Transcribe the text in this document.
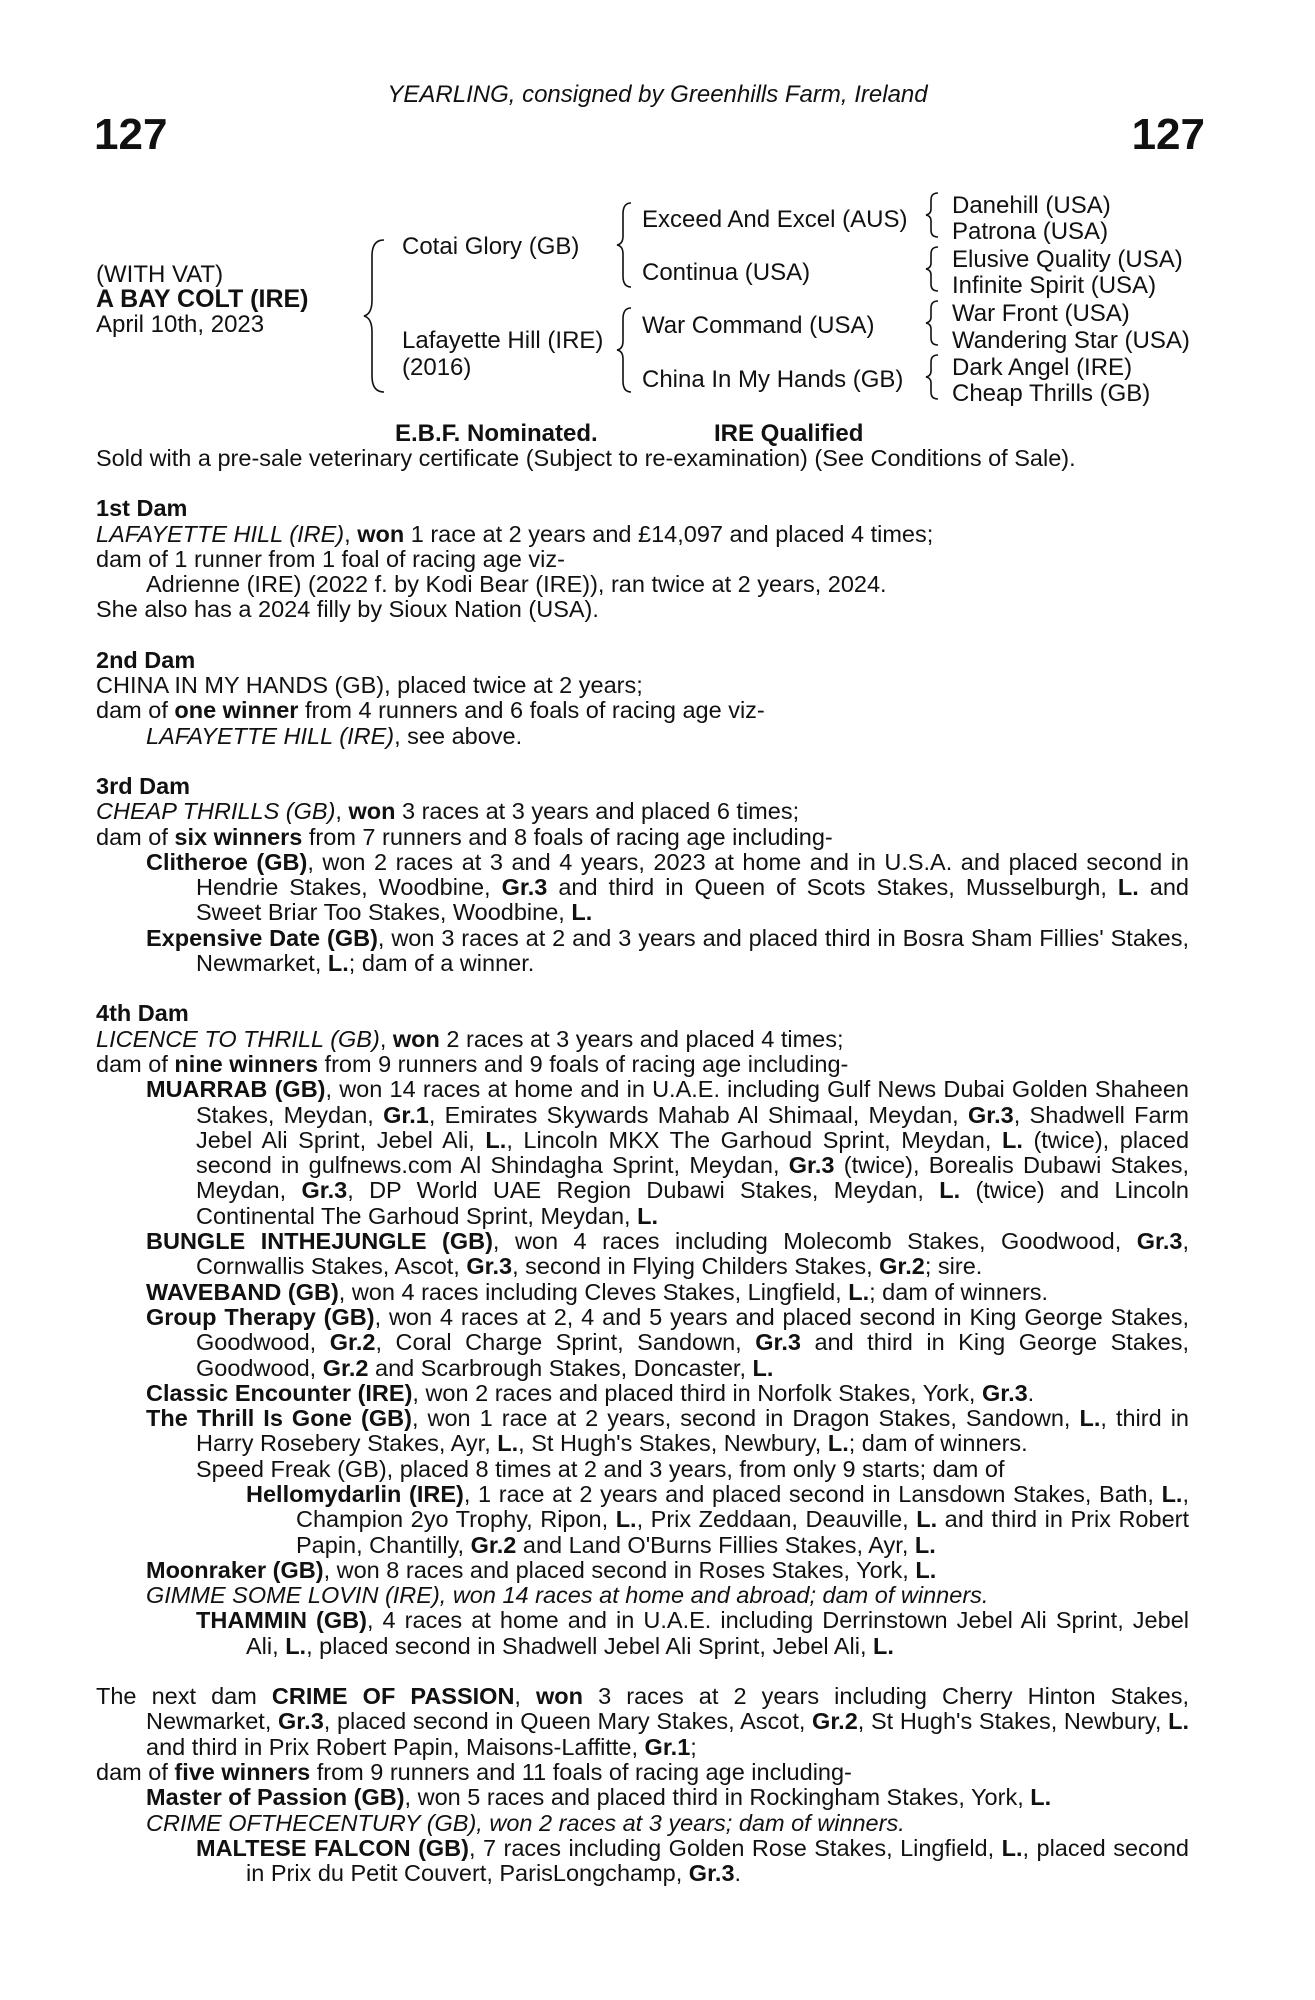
127	127
YEARLING, consigned by Greenhills Farm, Ireland
(WITH VAT)
A BAY COLT (IRE)
April 10th, 2023
Cotai Glory (GB)
Lafayette Hill (IRE)
(2016)
Exceed And Excel (AUS)
Continua (USA)
War Command (USA)
China In My Hands (GB)
Danehill (USA)
Patrona (USA)
Elusive Quality (USA)
Infinite Spirit (USA)
War Front (USA)
Wandering Star (USA)
Dark Angel (IRE)
Cheap Thrills (GB)
E.B.F. Nominated.	IRE Qualified

Sold with a pre-sale veterinary certificate (Subject to re-examination) (See Conditions of Sale).

1st Dam

LAFAYETTE HILL (IRE), won 1 race at 2 years and £14,097 and placed 4 times;

dam of 1 runner from 1 foal of racing age viz-

Adrienne (IRE) (2022 f. by Kodi Bear (IRE)), ran twice at 2 years, 2024.

She also has a 2024 filly by Sioux Nation (USA).

2nd Dam

CHINA IN MY HANDS (GB), placed twice at 2 years;

dam of one winner from 4 runners and 6 foals of racing age viz-

LAFAYETTE HILL (IRE), see above.

3rd Dam

CHEAP THRILLS (GB), won 3 races at 3 years and placed 6 times;

dam of six winners from 7 runners and 8 foals of racing age including-

Clitheroe (GB), won 2 races at 3 and 4 years, 2023 at home and in U.S.A. and placed second in Hendrie Stakes, Woodbine, Gr.3 and third in Queen of Scots Stakes, Musselburgh, L. and Sweet Briar Too Stakes, Woodbine, L.

Expensive Date (GB), won 3 races at 2 and 3 years and placed third in Bosra Sham Fillies' Stakes, Newmarket, L.; dam of a winner.

4th Dam

LICENCE TO THRILL (GB), won 2 races at 3 years and placed 4 times;

dam of nine winners from 9 runners and 9 foals of racing age including-

MUARRAB (GB), won 14 races at home and in U.A.E. including Gulf News Dubai Golden Shaheen Stakes, Meydan, Gr.1, Emirates Skywards Mahab Al Shimaal, Meydan, Gr.3, Shadwell Farm Jebel Ali Sprint, Jebel Ali, L., Lincoln MKX The Garhoud Sprint, Meydan, L. (twice), placed second in gulfnews.com Al Shindagha Sprint, Meydan, Gr.3 (twice), Borealis Dubawi Stakes, Meydan, Gr.3, DP World UAE Region Dubawi Stakes, Meydan, L. (twice) and Lincoln Continental The Garhoud Sprint, Meydan, L.

BUNGLE INTHEJUNGLE (GB), won 4 races including Molecomb Stakes, Goodwood, Gr.3, Cornwallis Stakes, Ascot, Gr.3, second in Flying Childers Stakes, Gr.2; sire.

WAVEBAND (GB), won 4 races including Cleves Stakes, Lingfield, L.; dam of winners.

Group Therapy (GB), won 4 races at 2, 4 and 5 years and placed second in King George Stakes, Goodwood, Gr.2, Coral Charge Sprint, Sandown, Gr.3 and third in King George Stakes, Goodwood, Gr.2 and Scarbrough Stakes, Doncaster, L.

Classic Encounter (IRE), won 2 races and placed third in Norfolk Stakes, York, Gr.3.

The Thrill Is Gone (GB), won 1 race at 2 years, second in Dragon Stakes, Sandown, L., third in Harry Rosebery Stakes, Ayr, L., St Hugh's Stakes, Newbury, L.; dam of winners.

Speed Freak (GB), placed 8 times at 2 and 3 years, from only 9 starts; dam of

Hellomydarlin (IRE), 1 race at 2 years and placed second in Lansdown Stakes, Bath, L., Champion 2yo Trophy, Ripon, L., Prix Zeddaan, Deauville, L. and third in Prix Robert Papin, Chantilly, Gr.2 and Land O'Burns Fillies Stakes, Ayr, L.

Moonraker (GB), won 8 races and placed second in Roses Stakes, York, L.

GIMME SOME LOVIN (IRE), won 14 races at home and abroad; dam of winners.

THAMMIN (GB), 4 races at home and in U.A.E. including Derrinstown Jebel Ali Sprint, Jebel Ali, L., placed second in Shadwell Jebel Ali Sprint, Jebel Ali, L.

The next dam CRIME OF PASSION, won 3 races at 2 years including Cherry Hinton Stakes, Newmarket, Gr.3, placed second in Queen Mary Stakes, Ascot, Gr.2, St Hugh's Stakes, Newbury, L. and third in Prix Robert Papin, Maisons-Laffitte, Gr.1;

dam of five winners from 9 runners and 11 foals of racing age including-

Master of Passion (GB), won 5 races and placed third in Rockingham Stakes, York, L.

CRIME OFTHECENTURY (GB), won 2 races at 3 years; dam of winners.

MALTESE FALCON (GB), 7 races including Golden Rose Stakes, Lingfield, L., placed second in Prix du Petit Couvert, ParisLongchamp, Gr.3.
